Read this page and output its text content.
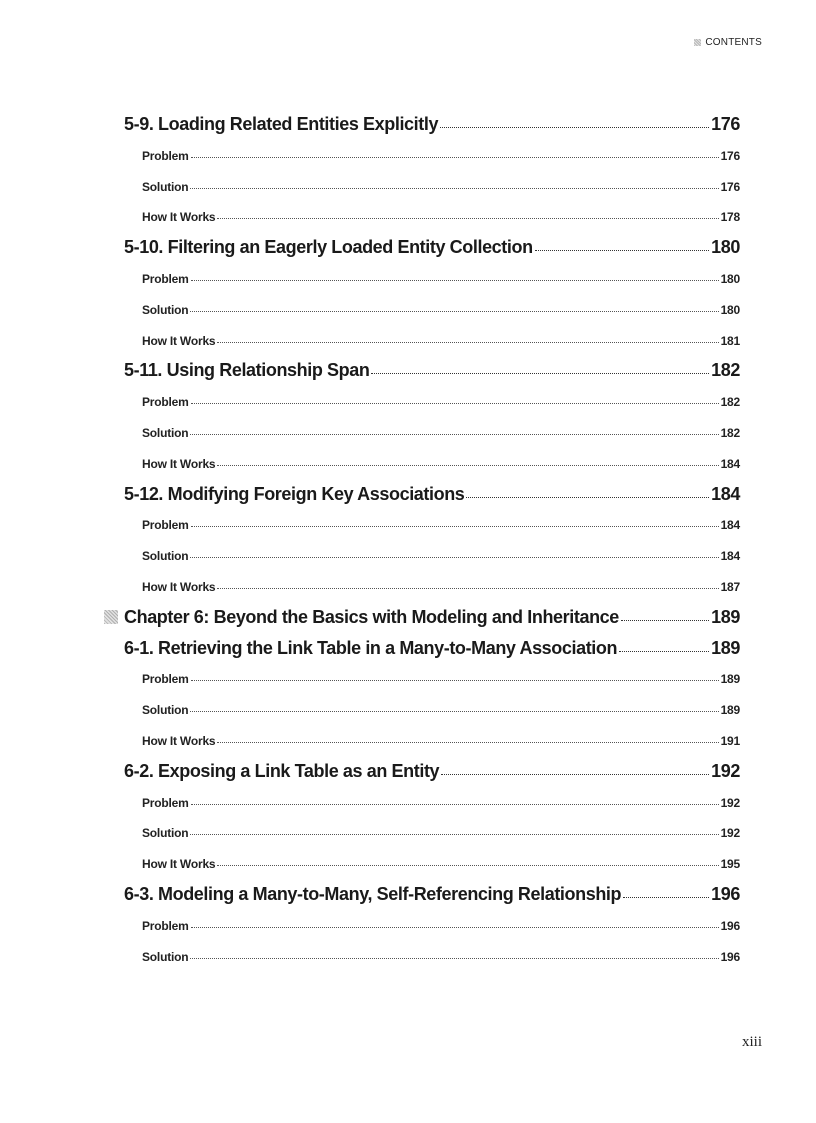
CONTENTS
5-9. Loading Related Entities Explicitly	176
Problem	176
Solution	176
How It Works	178
5-10. Filtering an Eagerly Loaded Entity Collection	180
Problem	180
Solution	180
How It Works	181
5-11. Using Relationship Span	182
Problem	182
Solution	182
How It Works	184
5-12. Modifying Foreign Key Associations	184
Problem	184
Solution	184
How It Works	187
Chapter 6: Beyond the Basics with Modeling and Inheritance	189
6-1. Retrieving the Link Table in a Many-to-Many Association	189
Problem	189
Solution	189
How It Works	191
6-2. Exposing a Link Table as an Entity	192
Problem	192
Solution	192
How It Works	195
6-3. Modeling a Many-to-Many, Self-Referencing Relationship	196
Problem	196
Solution	196
xiii
